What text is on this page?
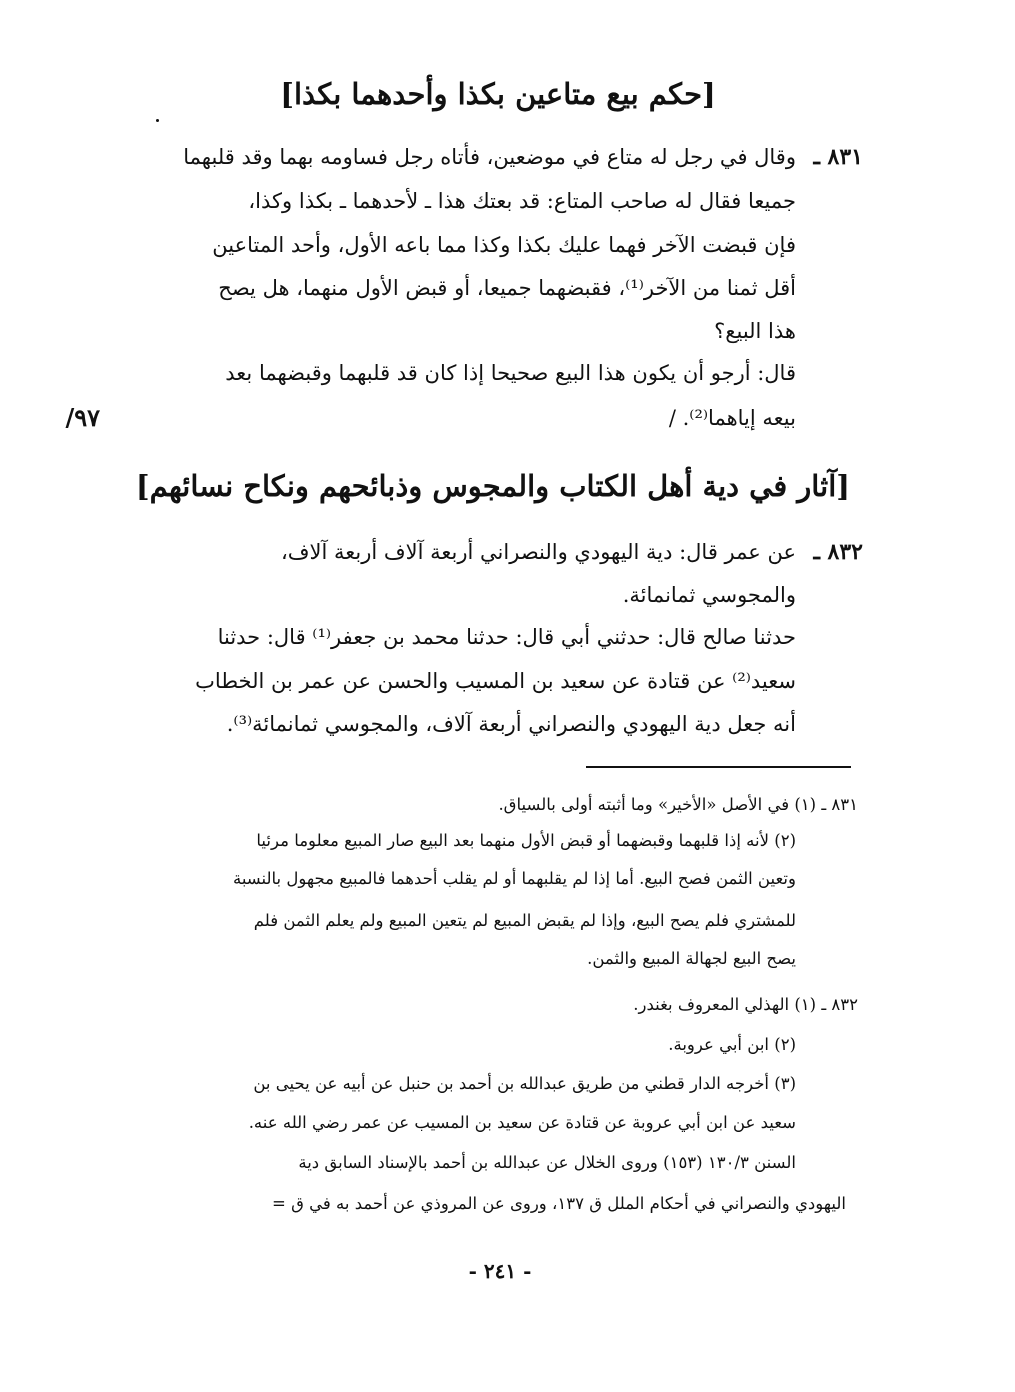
[حكم بيع متاعين بكذا وأحدهما بكذا]
٨٣١ ـ
وقال في رجل له متاع في موضعين، فأتاه رجل فساومه بهما وقد قلبهما
جميعا فقال له صاحب المتاع: قد بعتك هذا ـ لأحدهما ـ بكذا وكذا،
فإن قبضت الآخر فهما عليك بكذا وكذا مما باعه الأول، وأحد المتاعين
أقل ثمنا من الآخر⁽¹⁾، فقبضهما جميعا، أو قبض الأول منهما، هل يصح
هذا البيع؟
قال: أرجو أن يكون هذا البيع صحيحا إذا كان قد قلبهما وقبضهما بعد
بيعه إياهما⁽²⁾. /
٩٧/
[آثار في دية أهل الكتاب والمجوس وذبائحهم ونكاح نسائهم]
٨٣٢ ـ
عن عمر قال: دية اليهودي والنصراني أربعة آلاف أربعة آلاف،
والمجوسي ثمانمائة.
حدثنا صالح قال: حدثني أبي قال: حدثنا محمد بن جعفر⁽¹⁾ قال: حدثنا
سعيد⁽²⁾ عن قتادة عن سعيد بن المسيب والحسن عن عمر بن الخطاب
أنه جعل دية اليهودي والنصراني أربعة آلاف، والمجوسي ثمانمائة⁽³⁾.
٨٣١ ـ (١) في الأصل «الأخير» وما أثبته أولى بالسياق.
(٢) لأنه إذا قلبهما وقبضهما أو قبض الأول منهما بعد البيع صار المبيع معلوما مرئيا
وتعين الثمن فصح البيع. أما إذا لم يقلبهما أو لم يقلب أحدهما فالمبيع مجهول بالنسبة
للمشتري فلم يصح البيع، وإذا لم يقبض المبيع لم يتعين المبيع ولم يعلم الثمن فلم
يصح البيع لجهالة المبيع والثمن.
٨٣٢ ـ (١) الهذلي المعروف بغندر.
(٢) ابن أبي عروبة.
(٣) أخرجه الدار قطني من طريق عبدالله بن أحمد بن حنبل عن أبيه عن يحيى بن
سعيد عن ابن أبي عروبة عن قتادة عن سعيد بن المسيب عن عمر رضي الله عنه.
السنن ١٣٠/٣ (١٥٣) وروى الخلال عن عبدالله بن أحمد بالإسناد السابق دية
اليهودي والنصراني في أحكام الملل ق ١٣٧، وروى عن المروذي عن أحمد به في ق =
- ٢٤١ -
